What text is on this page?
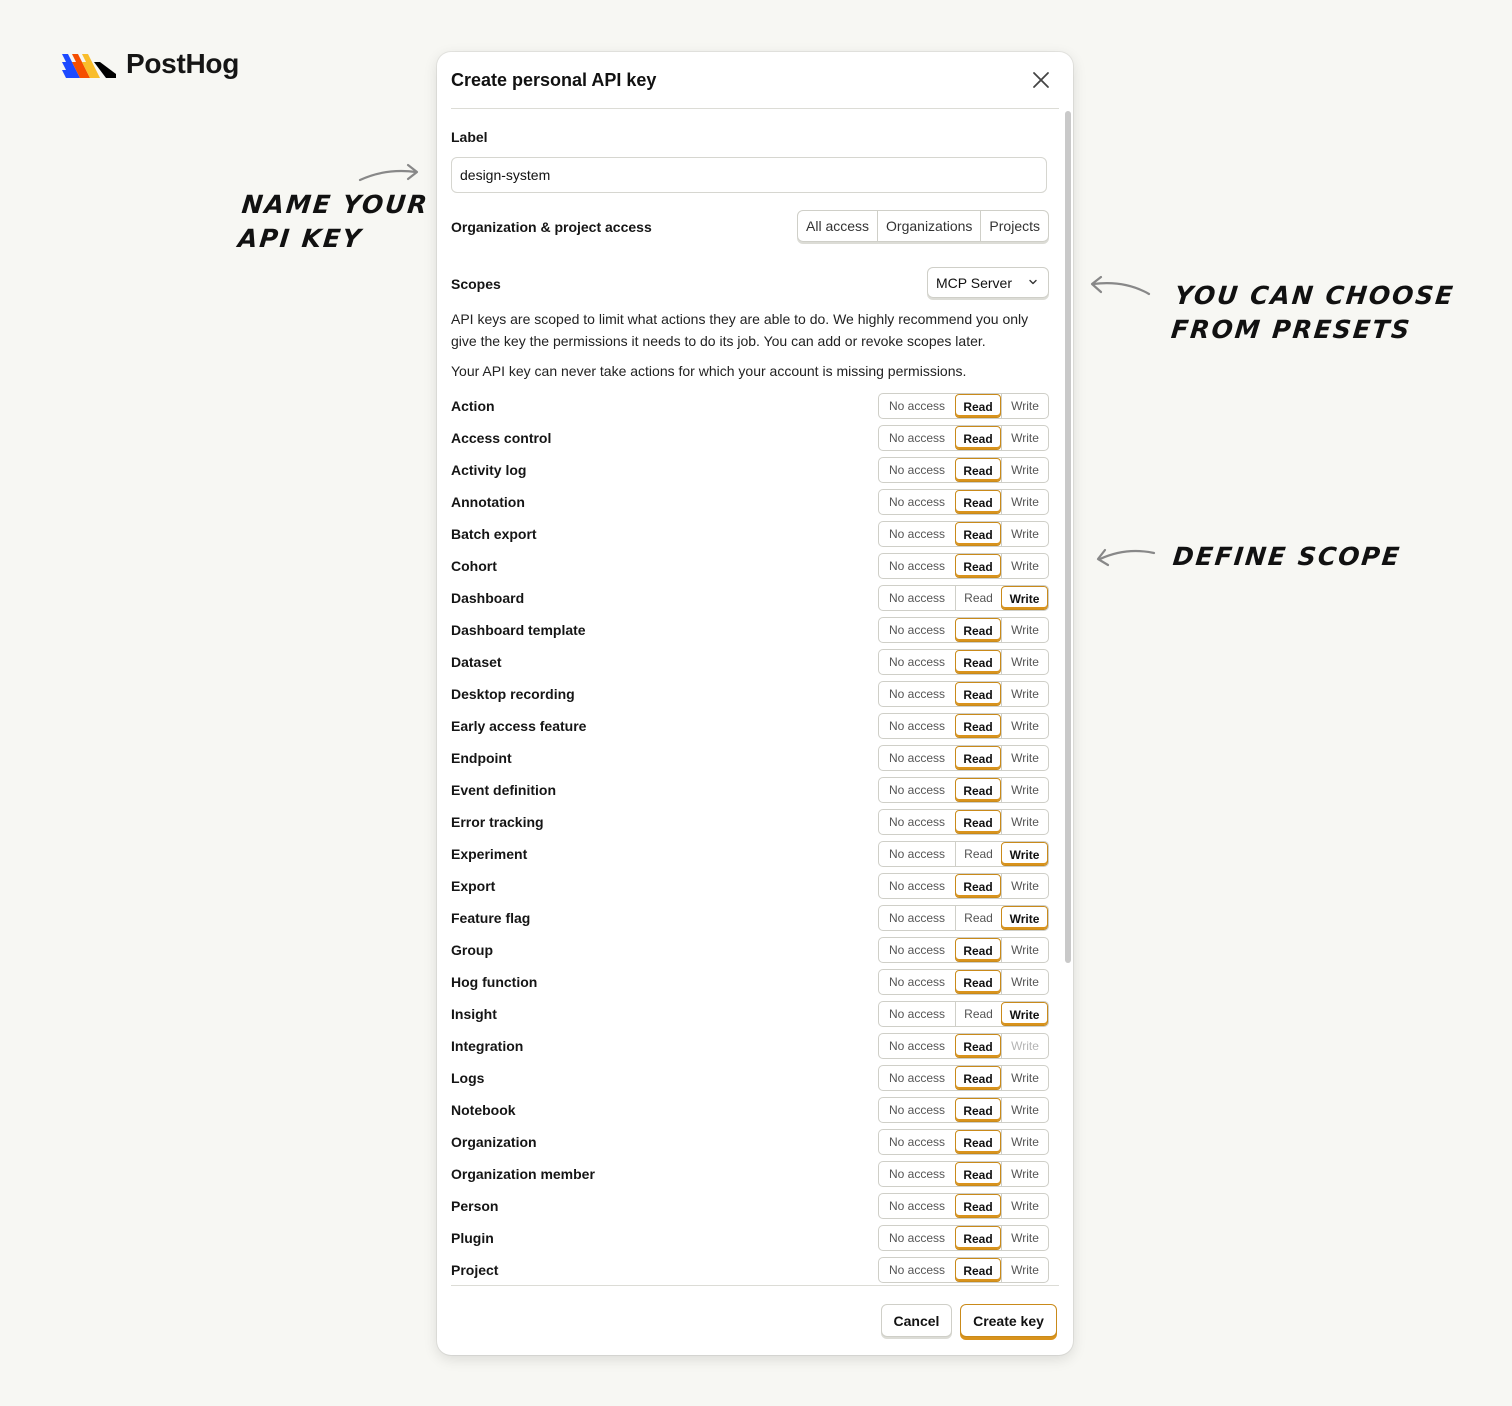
PostHog
NAME YOUR
API KEY
YOU CAN CHOOSE
FROM PRESETS
DEFINE SCOPE
Create personal API key
Label
design-system
Organization & project access	All access	Organizations	Projects
Scopes	MCP Server
API keys are scoped to limit what actions they are able to do. We highly recommend you only give the key the permissions it needs to do its job. You can add or revoke scopes later.
Your API key can never take actions for which your account is missing permissions.
Action	No access	Read	Write
Access control	No access	Read	Write
Activity log	No access	Read	Write
Annotation	No access	Read	Write
Batch export	No access	Read	Write
Cohort	No access	Read	Write
Dashboard	No access	Read	Write
Dashboard template	No access	Read	Write
Dataset	No access	Read	Write
Desktop recording	No access	Read	Write
Early access feature	No access	Read	Write
Endpoint	No access	Read	Write
Event definition	No access	Read	Write
Error tracking	No access	Read	Write
Experiment	No access	Read	Write
Export	No access	Read	Write
Feature flag	No access	Read	Write
Group	No access	Read	Write
Hog function	No access	Read	Write
Insight	No access	Read	Write
Integration	No access	Read	Write
Logs	No access	Read	Write
Notebook	No access	Read	Write
Organization	No access	Read	Write
Organization member	No access	Read	Write
Person	No access	Read	Write
Plugin	No access	Read	Write
Project	No access	Read	Write
Cancel	Create key
